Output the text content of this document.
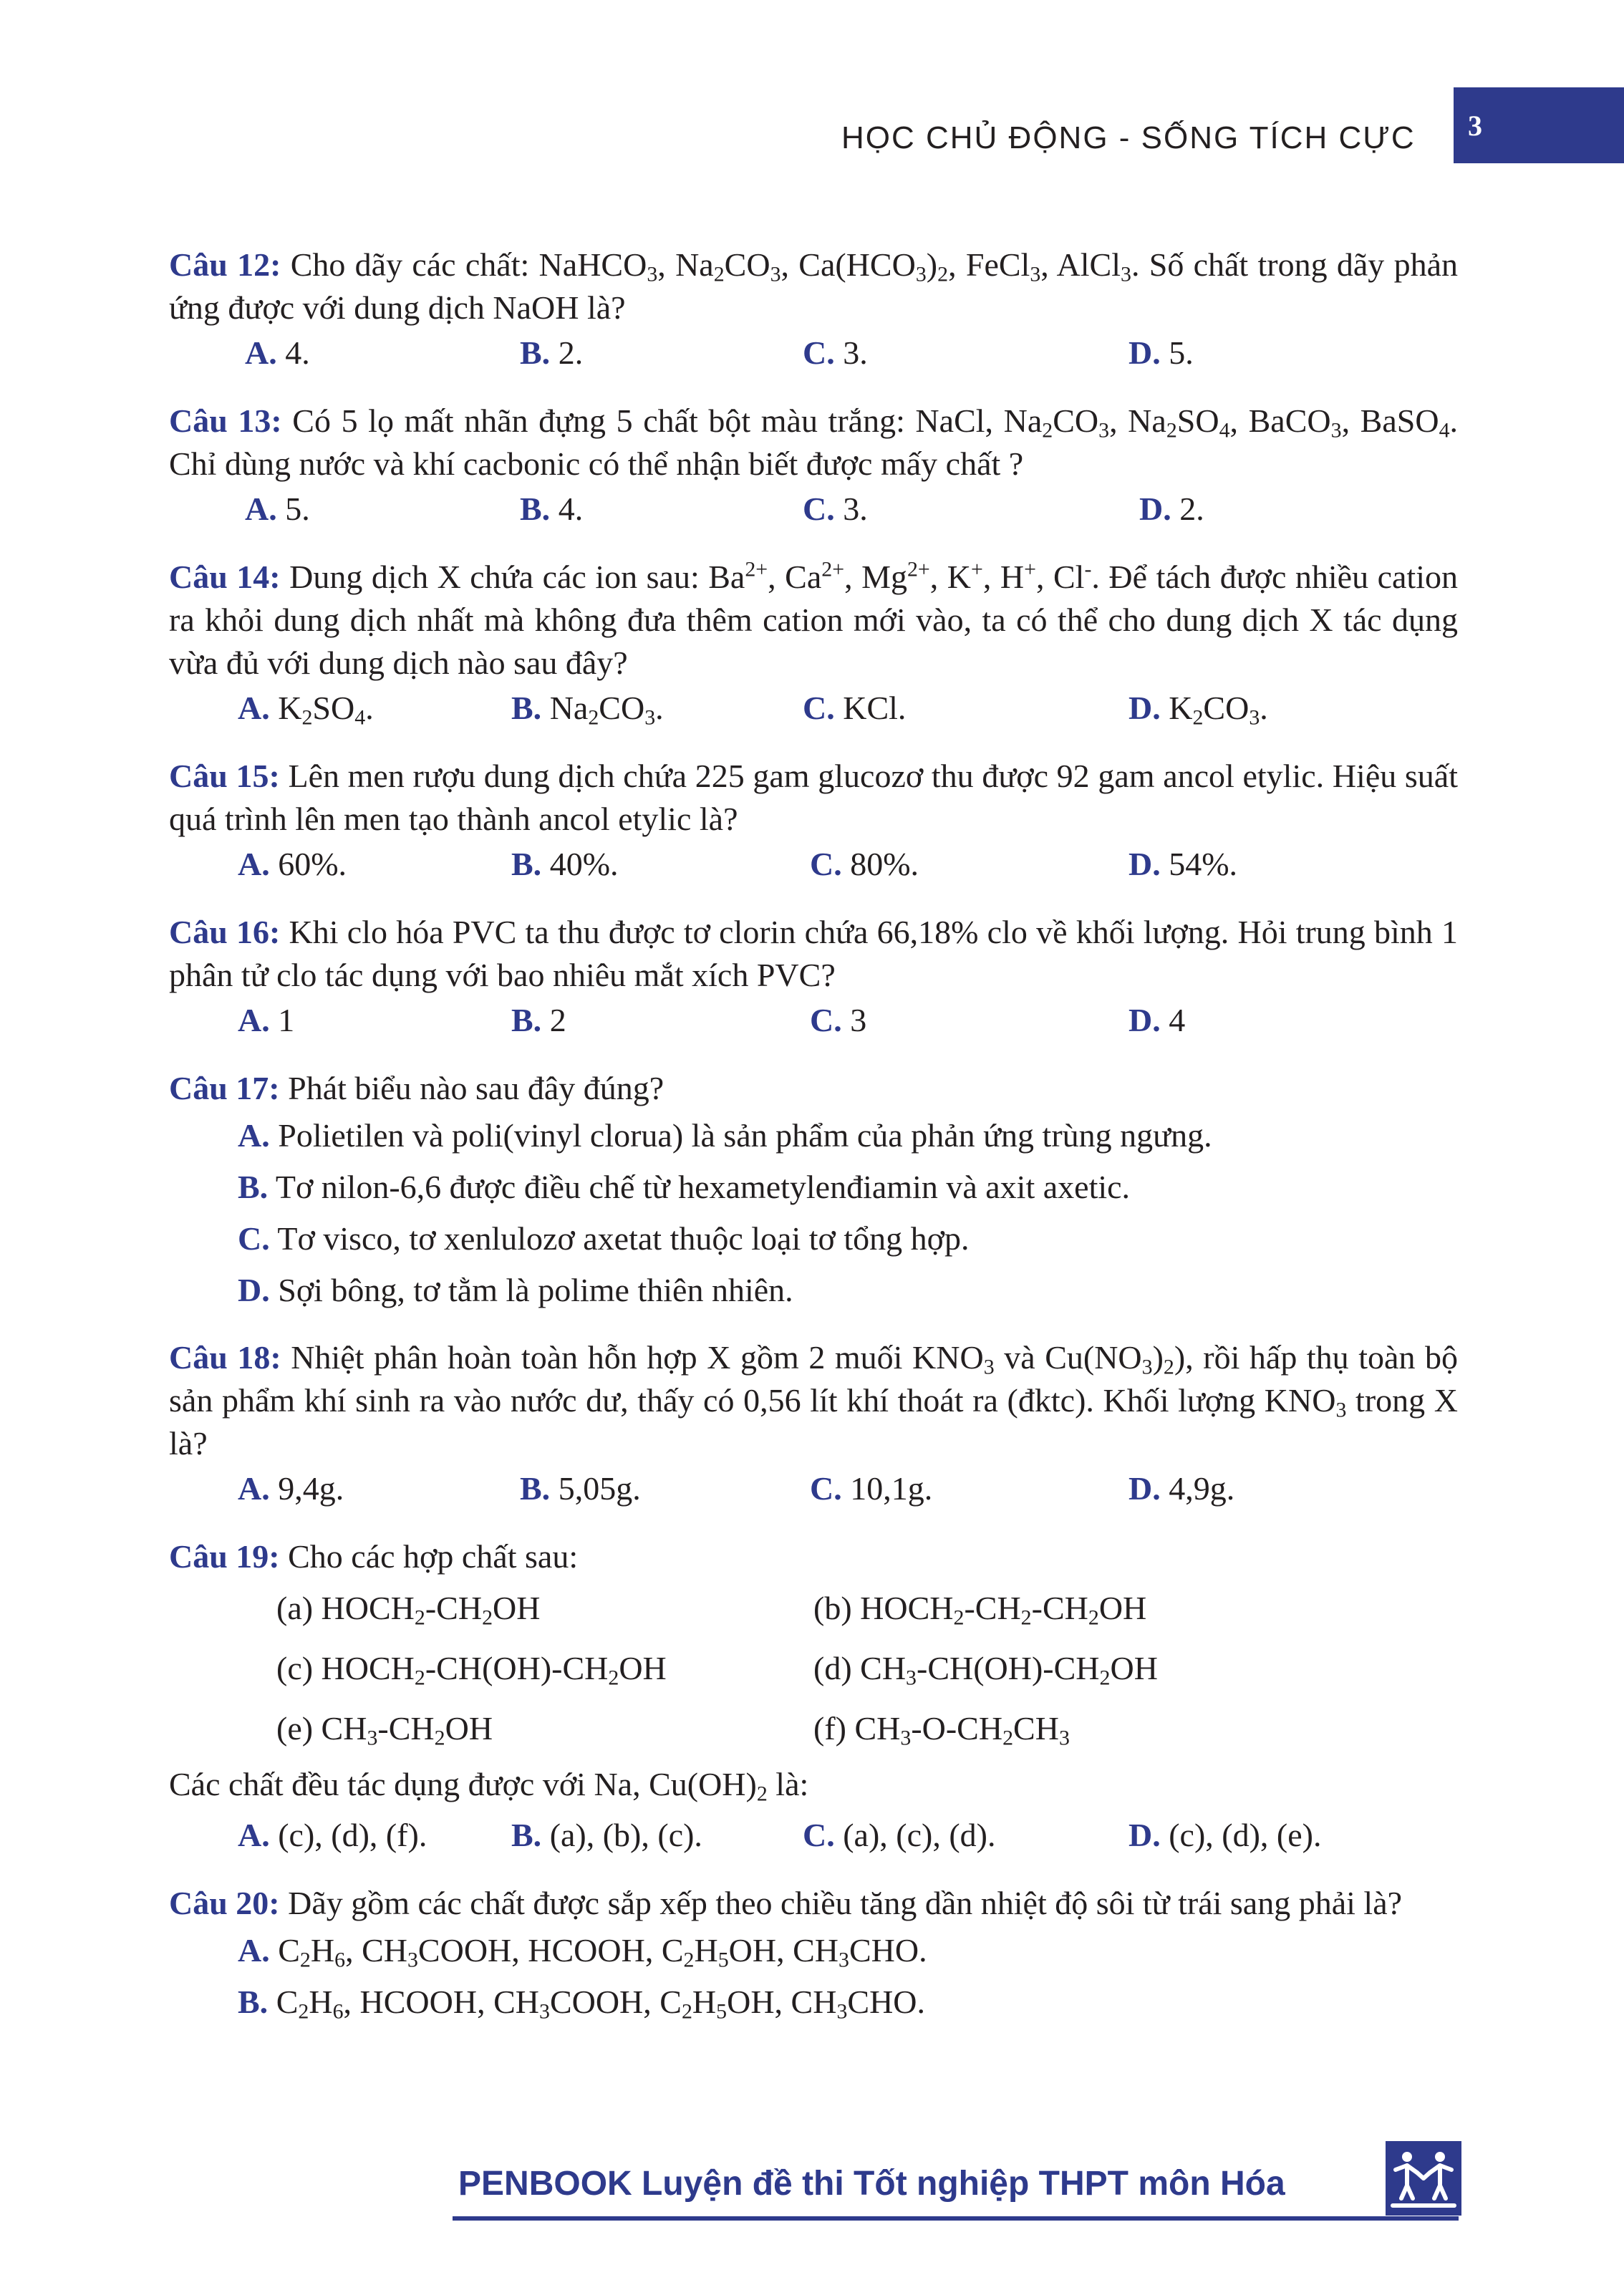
HỌC CHỦ ĐỘNG - SỐNG TÍCH CỰC 3

Câu 12: Cho dãy các chất: NaHCO$_3$, $Na_2CO_3$, $Ca(HCO_3)_2$, FeCl$_3$, AlCl$_3$. Số chất trong dãy phản ứng được với dung dịch NaOH là?

A. 4.	B. 2.	C. 3.	D. 5.

Câu 13: Có 5 lọ mất nhãn đựng 5 chất bột màu trắng: NaCl, $Na_2CO_3$, $Na_2SO_4$, BaCO$_3$, BaSO$_4$. Chỉ dùng nước và khí cacbonic có thể nhận biết được mấy chất ?

A. 5.	B. 4.	C. 3.	D. 2.

Câu 14: Dung dịch X chứa các ion sau: $Ba^{2+}$, $Ca^{2+}$, $Mg^{2+}$, K+, H+, Cl-. Để tách được nhiều cation ra khỏi dung dịch nhất mà không đưa thêm cation mới vào, ta có thể cho dung dịch X tác dụng vừa đủ với dung dịch nào sau đây?

A. $K_2SO_4$.	B. $Na_2CO_3$.	C. KCl.	D. $K_2CO_3$.

Câu 15: Lên men rượu dung dịch chứa 225 gam glucozơ thu được 92 gam ancol etylic. Hiệu suất quá trình lên men tạo thành ancol etylic là?

A. 60%.	B. 40%.	C. 80%.	D. 54%.

Câu 16: Khi clo hóa PVC ta thu được tơ clorin chứa 66,18% clo về khối lượng. Hỏi trung bình 1 phân tử clo tác dụng với bao nhiêu mắt xích PVC?

A. 1	B. 2	C. 3	D. 4

Câu 17: Phát biểu nào sau đây đúng?

A. Polietilen và poli(vinyl clorua) là sản phẩm của phản ứng trùng ngưng.
B. Tơ nilon-6,6 được điều chế từ hexametylenđiamin và axit axetic.
C. Tơ visco, tơ xenlulozơ axetat thuộc loại tơ tổng hợp.
D. Sợi bông, tơ tằm là polime thiên nhiên.

Câu 18: Nhiệt phân hoàn toàn hỗn hợp X gồm 2 muối $KNO_3$ và $Cu(NO_3)_2$), rồi hấp thụ toàn bộ sản phẩm khí sinh ra vào nước dư, thấy có 0,56 lít khí thoát ra (đktc). Khối lượng $KNO_3$ trong X là?

A. 9,4g.	B. 5,05g.	C. 10,1g.	D. 4,9g.

Câu 19: Cho các hợp chất sau:

(a) $HOCH_2-CH_2OH$	(b) $HOCH_2-CH_2-CH_2OH$
(c) $HOCH_2-CH(OH)-CH_2OH$	(d) $CH_3-CH(OH)-CH_2OH$
(e) $CH_3-CH_2OH$	(f) $CH_3-O-CH_2CH_3$

Các chất đều tác dụng được với Na, $Cu(OH)_2$ là:

A. (c), (d), (f).	B. (a), (b), (c).	C. (a), (c), (d).	D. (c), (d), (e).

Câu 20: Dãy gồm các chất được sắp xếp theo chiều tăng dần nhiệt độ sôi từ trái sang phải là?

A. $C_2H_6$, $CH_3COOH$, HCOOH, $C_2H_5OH$, $CH_3CHO$.
B. $C_2H_6$, HCOOH, $CH_3COOH$, $C_2H_5OH$, $CH_3CHO$.
PENBOOK Luyện đề thi Tốt nghiệp THPT môn Hóa
